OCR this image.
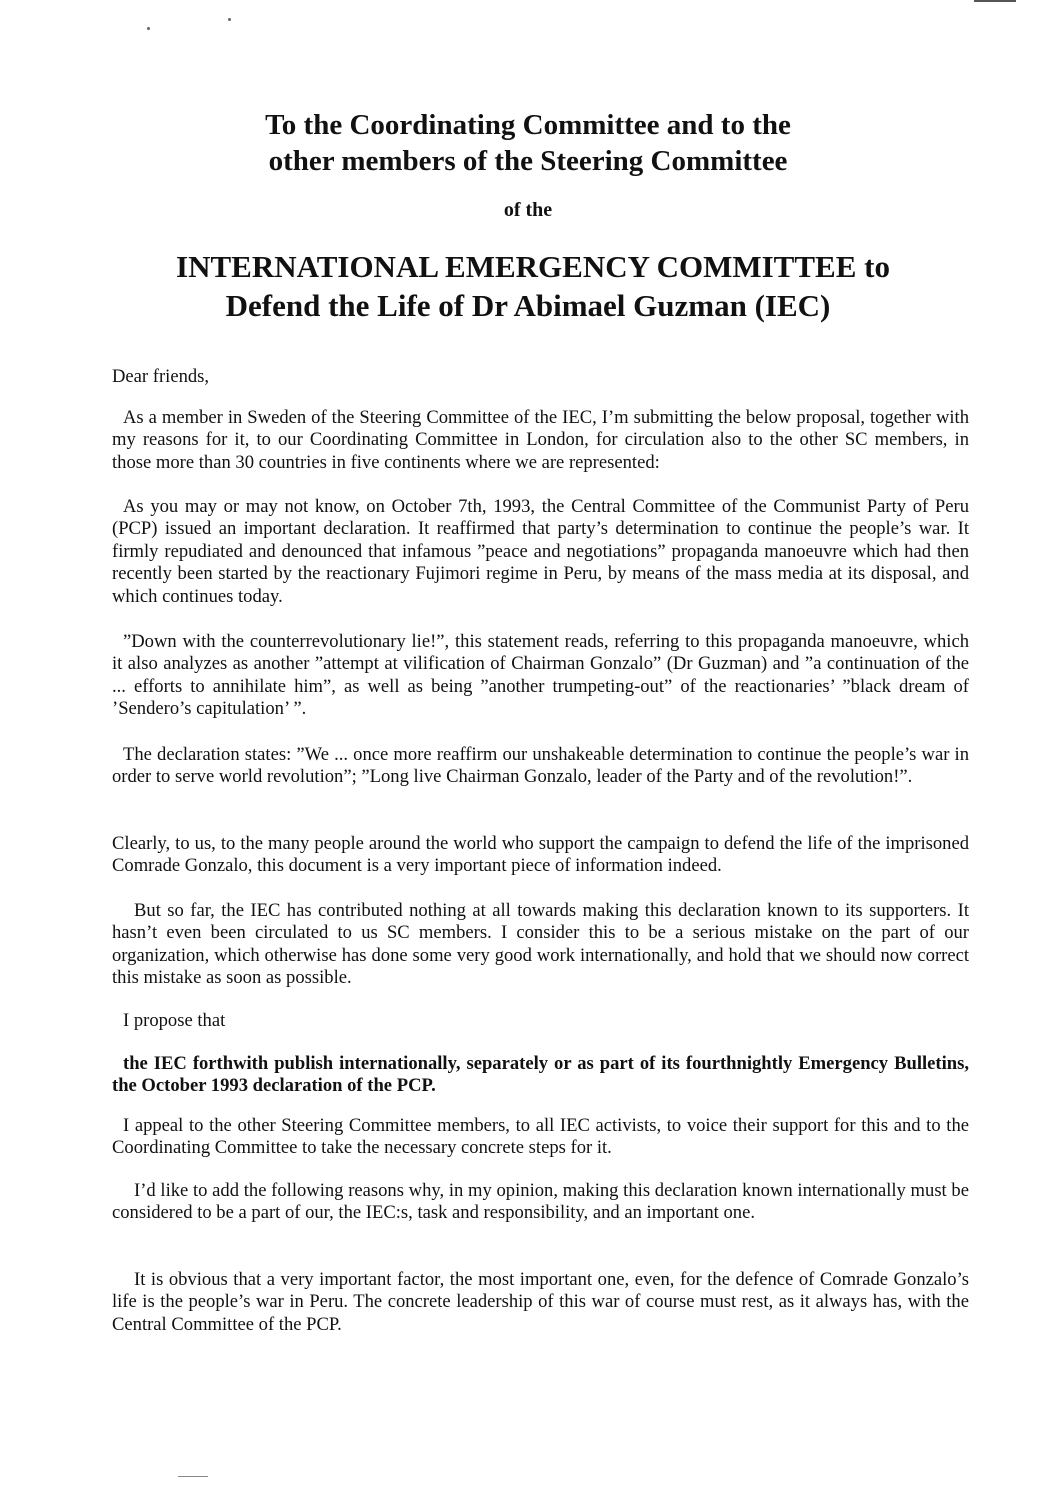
To the Coordinating Committee and to the
other members of the Steering Committee
of the
INTERNATIONAL EMERGENCY COMMITTEE to
Defend the Life of Dr Abimael Guzman (IEC)
Dear friends,
As a member in Sweden of the Steering Committee of the IEC, I’m submitting the below proposal, together with my reasons for it, to our Coordinating Committee in London, for circulation also to the other SC members, in those more than 30 countries in five continents where we are represented:
As you may or may not know, on October 7th, 1993, the Central Committee of the Communist Party of Peru (PCP) issued an important declaration. It reaffirmed that party’s determination to continue the people’s war. It firmly repudiated and denounced that infamous ”peace and negotiations” propaganda manoeuvre which had then recently been started by the reactionary Fujimori regime in Peru, by means of the mass media at its disposal, and which continues today.
”Down with the counterrevolutionary lie!”, this statement reads, referring to this propaganda manoeuvre, which it also analyzes as another ”attempt at vilification of Chairman Gonzalo” (Dr Guzman) and ”a continuation of the ... efforts to annihilate him”, as well as being ”another trumpeting-out” of the reactionaries’ ”black dream of ’Sendero’s capitulation’ ”.
The declaration states: ”We ... once more reaffirm our unshakeable determination to continue the people’s war in order to serve world revolution”; ”Long live Chairman Gonzalo, leader of the Party and of the revolution!”.
Clearly, to us, to the many people around the world who support the campaign to defend the life of the imprisoned Comrade Gonzalo, this document is a very important piece of information indeed.
But so far, the IEC has contributed nothing at all towards making this declaration known to its supporters. It hasn’t even been circulated to us SC members. I consider this to be a serious mistake on the part of our organization, which otherwise has done some very good work internationally, and hold that we should now correct this mistake as soon as possible.
I propose that
the IEC forthwith publish internationally, separately or as part of its fourthnightly Emergency Bulletins, the October 1993 declaration of the PCP.
I appeal to the other Steering Committee members, to all IEC activists, to voice their support for this and to the Coordinating Committee to take the necessary concrete steps for it.
I’d like to add the following reasons why, in my opinion, making this declaration known internationally must be considered to be a part of our, the IEC:s, task and responsibility, and an important one.
It is obvious that a very important factor, the most important one, even, for the defence of Comrade Gonzalo’s life is the people’s war in Peru. The concrete leadership of this war of course must rest, as it always has, with the Central Committee of the PCP.
